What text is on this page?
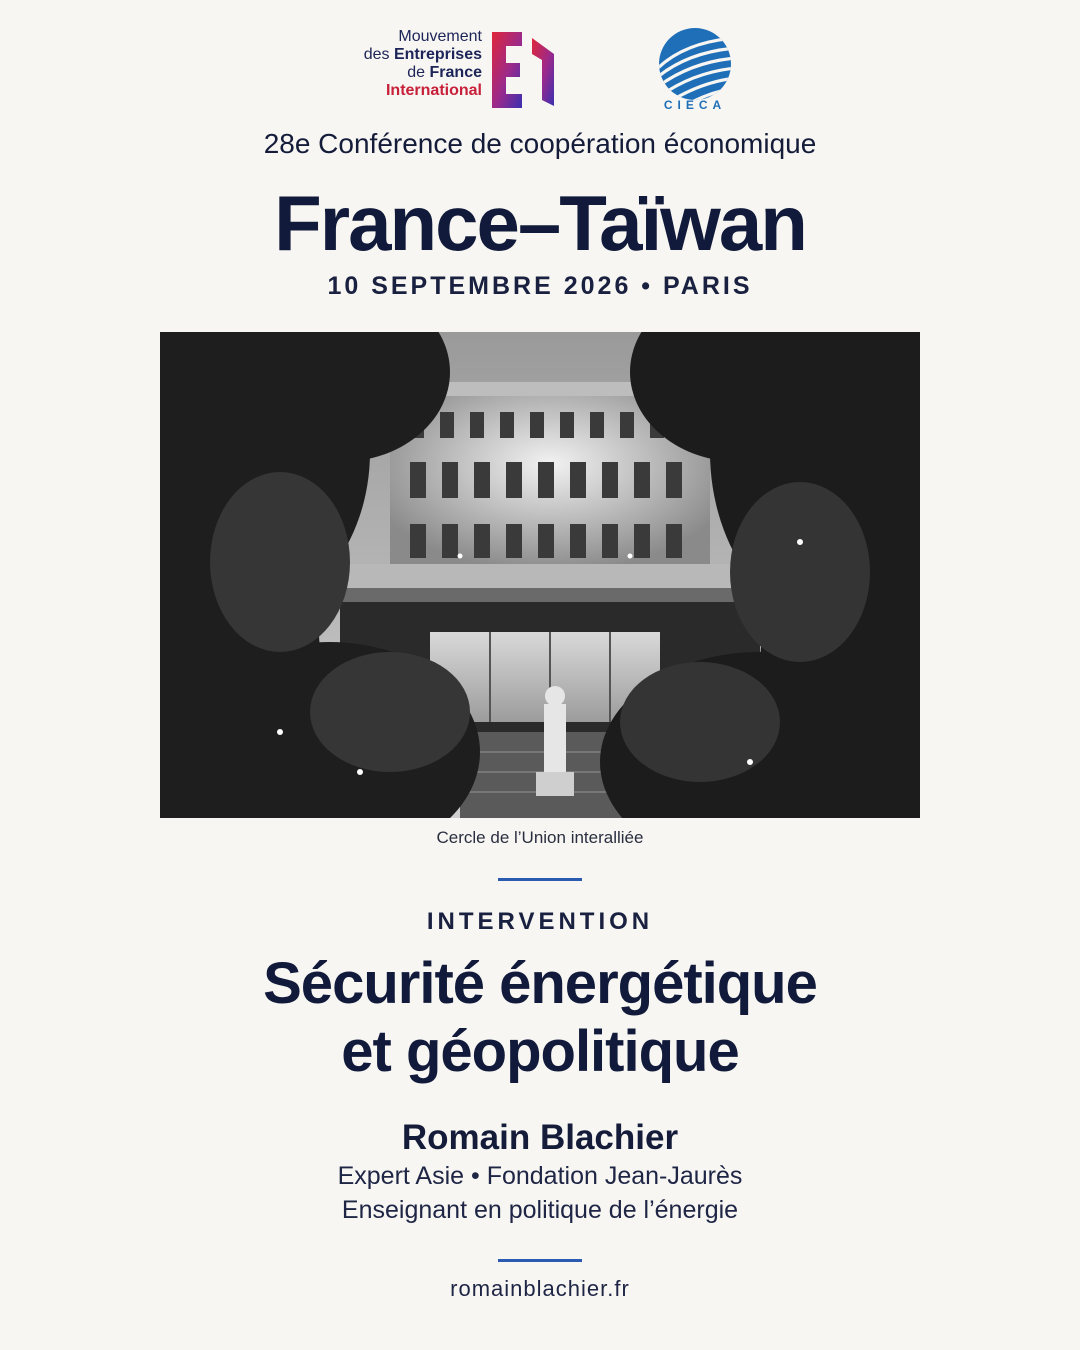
Mouvement
des Entreprises
de France
International
CIECA
28e Conférence de coopération économique
France–Taïwan
10 SEPTEMBRE 2026 • PARIS
Cercle de l’Union interalliée
INTERVENTION
Sécurité énergétique
et géopolitique
Romain Blachier
Expert Asie • Fondation Jean-Jaurès
Enseignant en politique de l’énergie
romainblachier.fr
